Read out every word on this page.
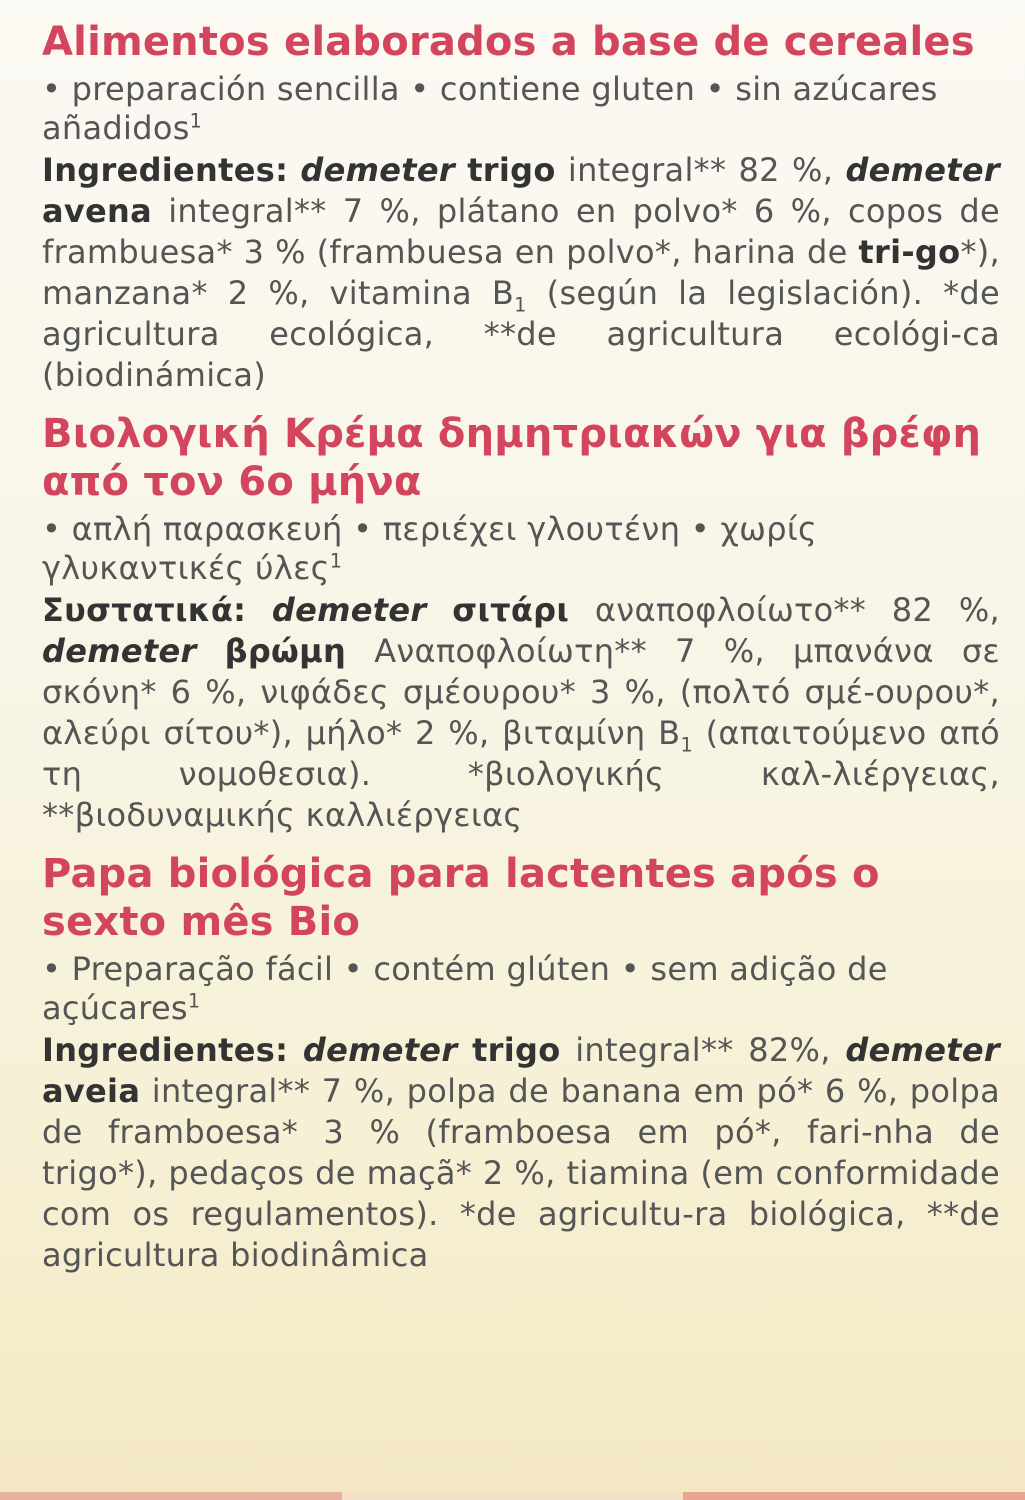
Alimentos elaborados a base de cereales

• preparación sencilla • contiene gluten • sin azúcares añadidos$^1$

Ingredientes: demeter trigo integral** 82 %, demeter avena integral** 7 %, plátano en polvo* 6 %, copos de frambuesa* 3 % (frambuesa en polvo*, harina de tri-go*), manzana* 2 %, vitamina $B_1$ (según la legislación). *de agricultura ecológica, **de agricultura ecológi-ca (biodinámica)

Βιολογική Κρέμα δημητριακών για βρέφη από τον 6ο μήνα

• απλή παρασκευή • περιέχει γλουτένη • χωρίς γλυκαντικές ύλες$^1$

Συστατικά: demeter σιτάρι αναποφλοίωτο** 82 %, demeter βρώμη Αναποφλοίωτη** 7 %, μπανάνα σε σκόνη* 6 %, νιφάδες σμέουρου* 3 %, (πολτό σμέ-ουρου*, αλεύρι σίτου*), μήλο* 2 %, βιταμίνη $B_1$ (απαιτούμενο από τη νομοθεσια). *βιολογικής καλ-λιέργειας, **βιοδυναμικής καλλιέργειας

Papa biológica para lactentes após o sexto mês Bio

• Preparação fácil • contém glúten • sem adição de açúcares$^1$

Ingredientes: demeter trigo integral** 82%, demeter aveia integral** 7 %, polpa de banana em pó* 6 %, polpa de framboesa* 3 % (framboesa em pó*, fari-nha de trigo*), pedaços de maçã* 2 %, tiamina (em conformidade com os regulamentos). *de agricultu-ra biológica, **de agricultura biodinâmica
